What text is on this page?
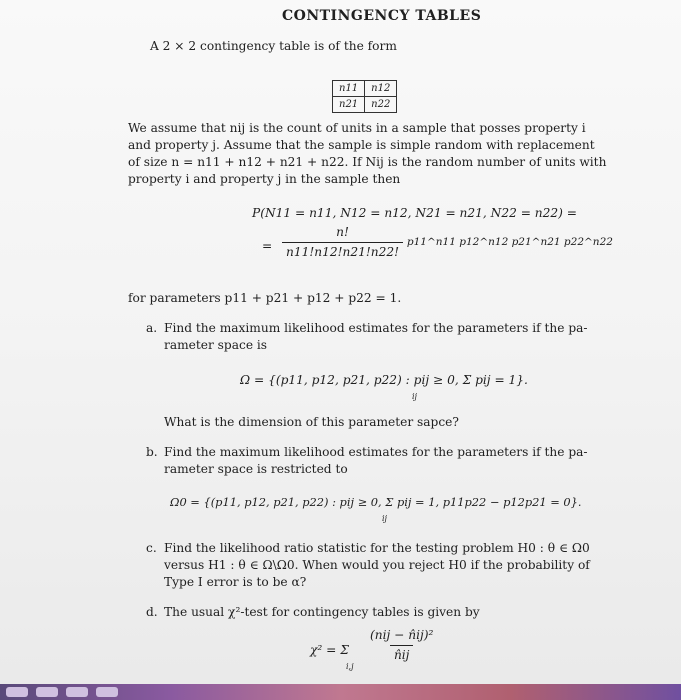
CONTINGENCY TABLES
A 2 × 2 contingency table is of the form
n11	n12
n21	n22
We assume that nij is the count of units in a sample that posses property i
and property j. Assume that the sample is simple random with replacement
of size n = n11 + n12 + n21 + n22. If Nij is the random number of units with
property i and property j in the sample then
P(N11 = n11, N12 = n12, N21 = n21, N22 = n22) =
= $\frac{n!}{n11!n12!n21!n22!}$ p11^n11 p12^n12 p21^n21 p22^n22
for parameters p11 + p21 + p12 + p22 = 1.
a. Find the maximum likelihood estimates for the parameters if the pa-
rameter space is
Ω = {(p11, p12, p21, p22) : pij ≥ 0, Σ pij = 1}.
ij
What is the dimension of this parameter sapce?
b. Find the maximum likelihood estimates for the parameters if the pa-
rameter space is restricted to
Ω0 = {(p11, p12, p21, p22) : pij ≥ 0, Σ pij = 1, p11p22 − p12p21 = 0}.
ij
c. Find the likelihood ratio statistic for the testing problem H0 : θ ∈ Ω0
versus H1 : θ ∈ Ω\Ω0. When would you reject H0 if the probability of
Type I error is to be α?
d. The usual χ²-test for contingency tables is given by
χ² = Σ $\frac{\text{(nij − n̂ij)²}}{n̂ij}$
i,j
